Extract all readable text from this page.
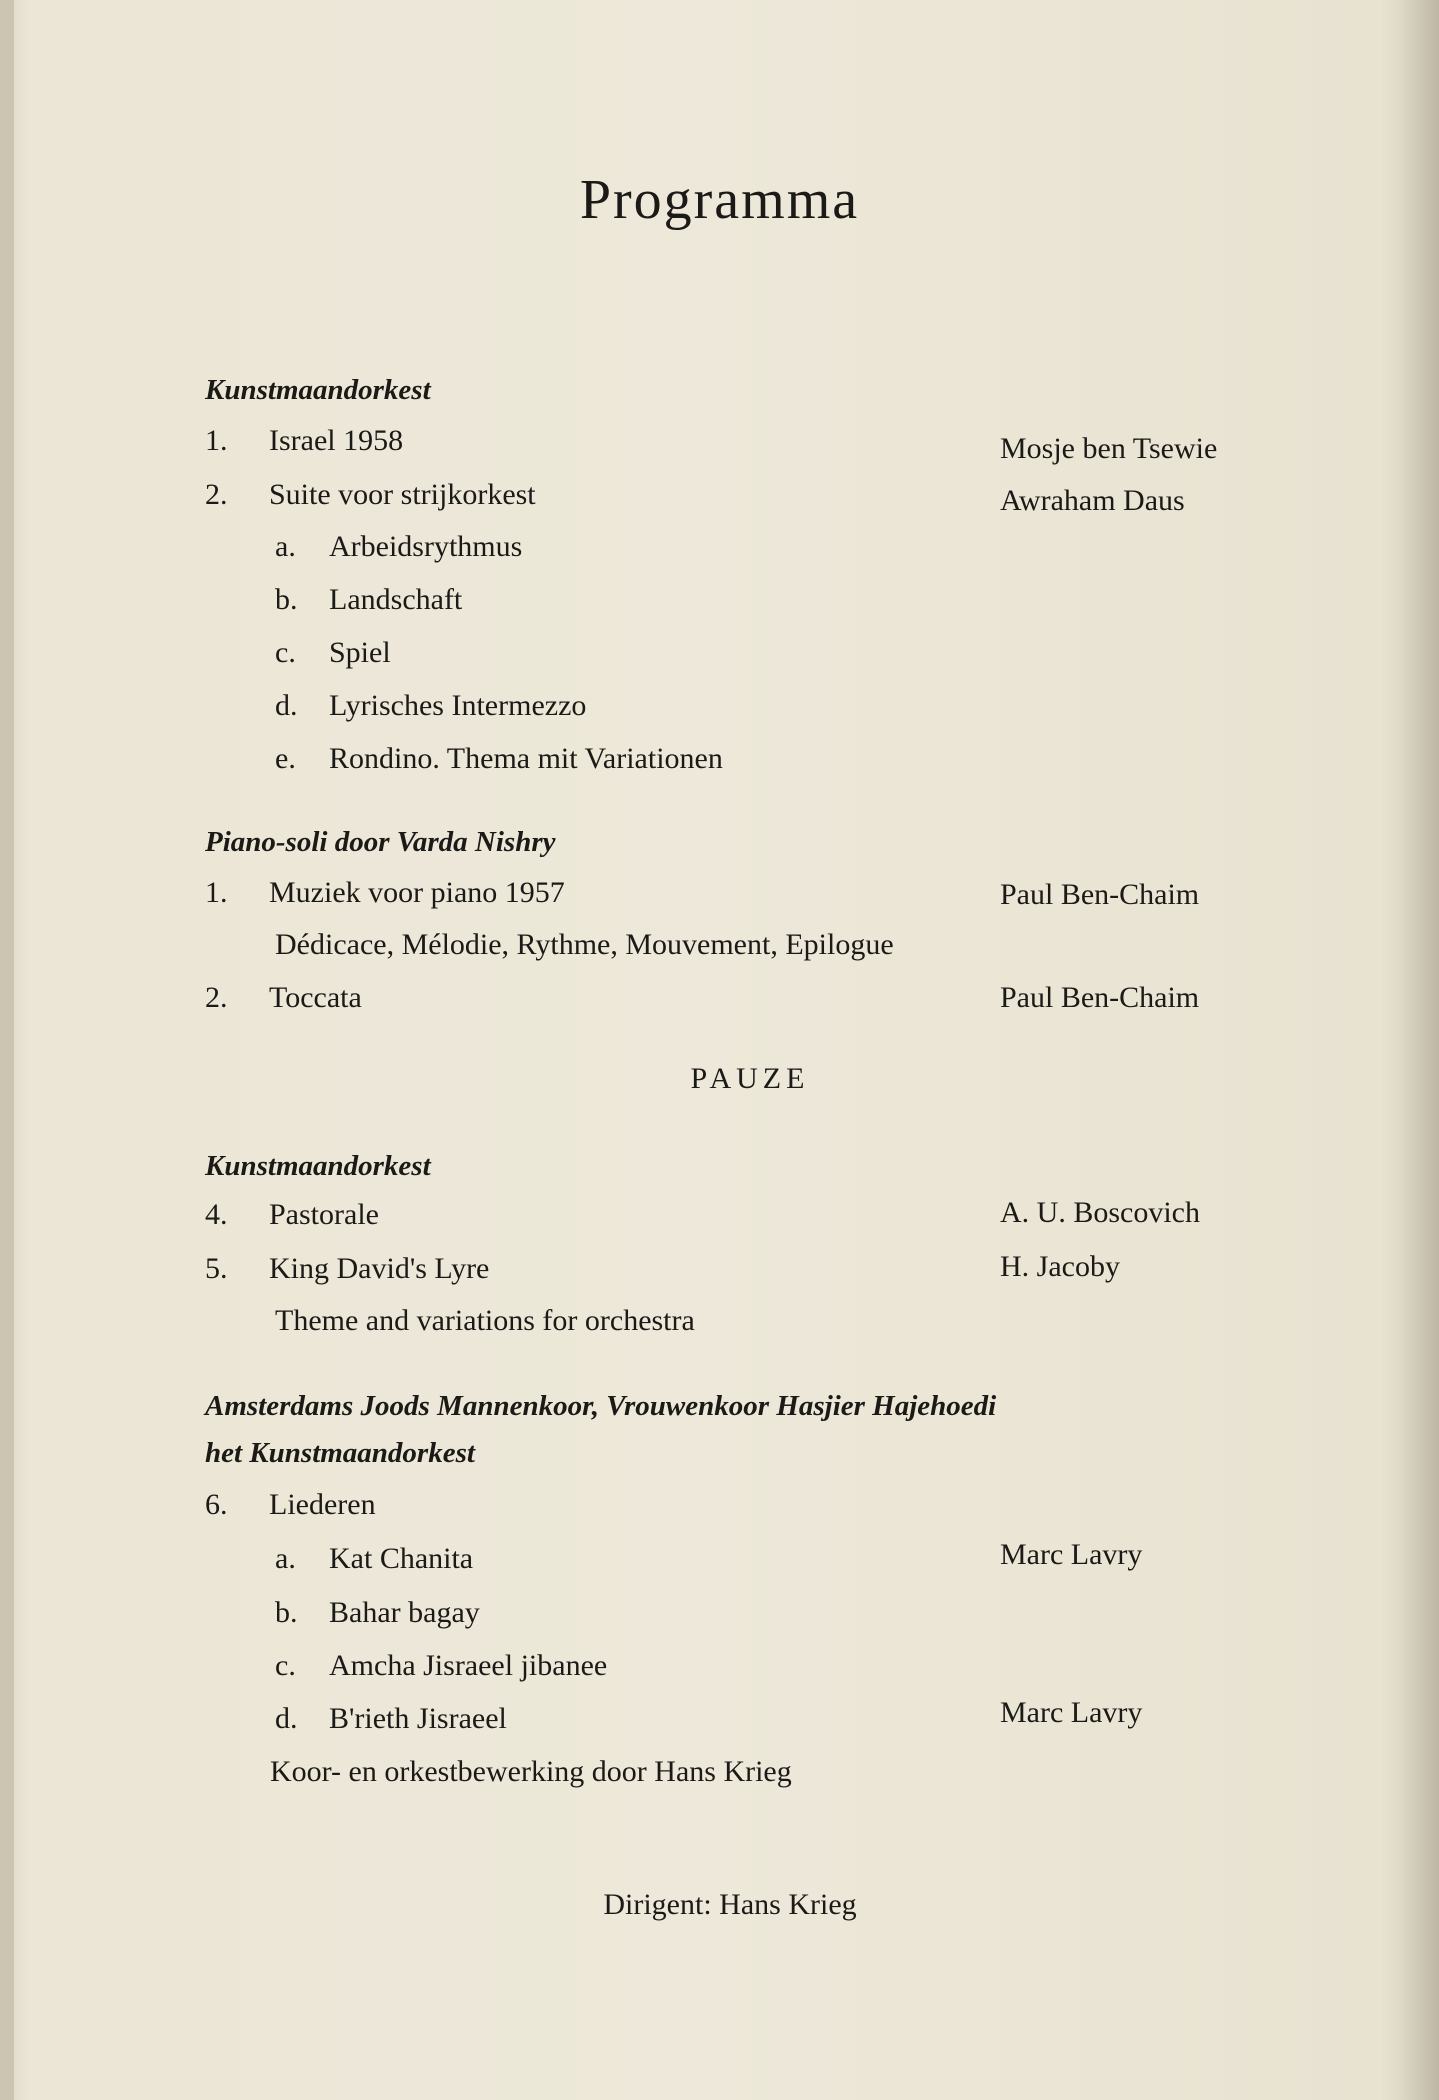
Programma
Kunstmaandorkest
1. Israel 1958	Mosje ben Tsewie
2. Suite voor strijkorkest	Awraham Daus
a. Arbeidsrythmus
b. Landschaft
c. Spiel
d. Lyrisches Intermezzo
e. Rondino. Thema mit Variationen
Piano-soli door Varda Nishry
1. Muziek voor piano 1957	Paul Ben-Chaim
Dédicace, Mélodie, Rythme, Mouvement, Epilogue
2. Toccata	Paul Ben-Chaim
PAUZE
Kunstmaandorkest
4. Pastorale	A. U. Boscovich
5. King David's Lyre	H. Jacoby
Theme and variations for orchestra
Amsterdams Joods Mannenkoor, Vrouwenkoor Hasjier Hajehoedi
het Kunstmaandorkest
6. Liederen
a. Kat Chanita	Marc Lavry
b. Bahar bagay
c. Amcha Jisraeel jibanee
d. B'rieth Jisraeel	Marc Lavry
Koor- en orkestbewerking door Hans Krieg
Dirigent: Hans Krieg
